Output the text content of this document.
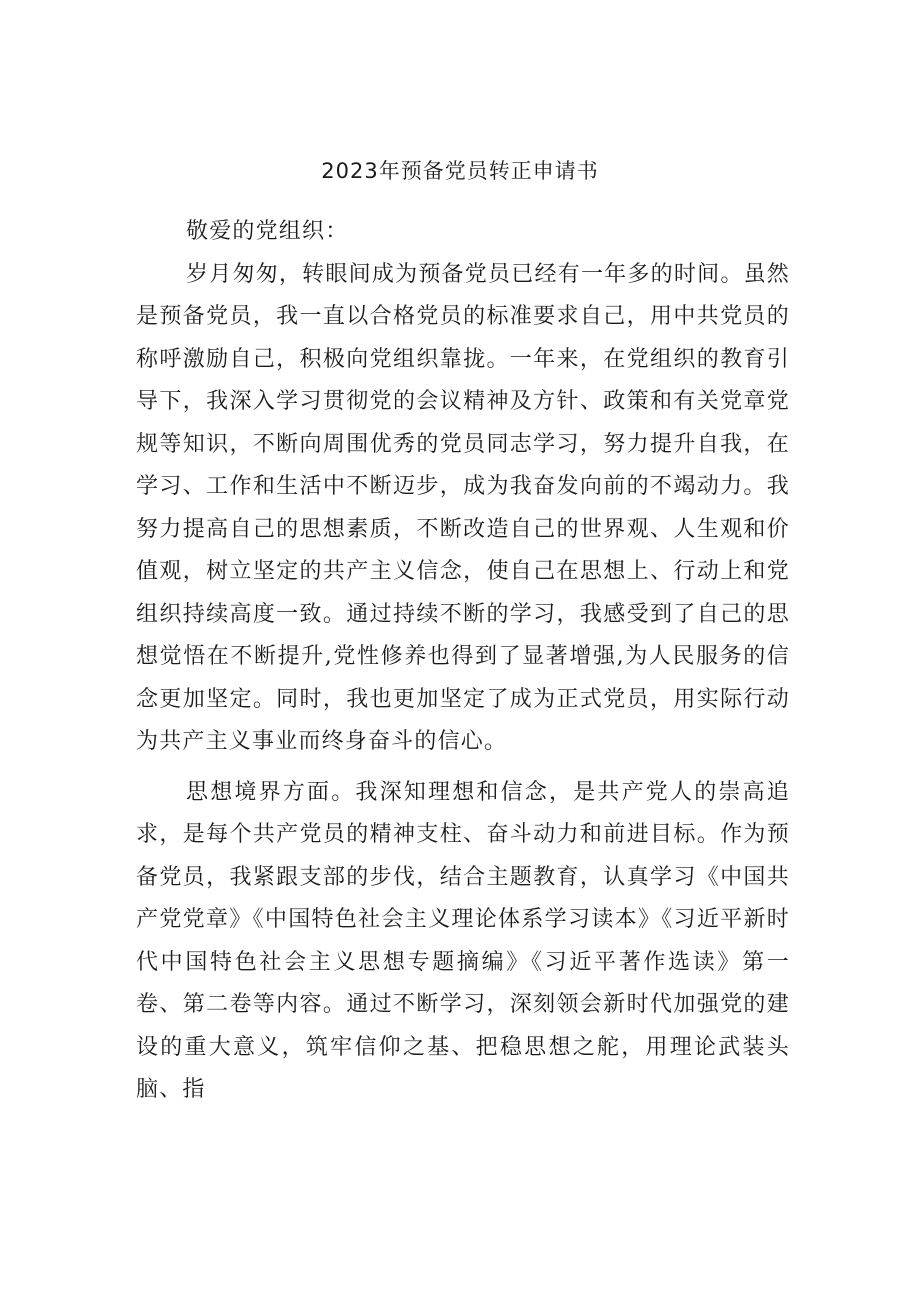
2023年预备党员转正申请书

敬爱的党组织：

岁月匆匆，转眼间成为预备党员已经有一年多的时间。虽然是预备党员，我一直以合格党员的标准要求自己，用中共党员的称呼激励自己，积极向党组织靠拢。一年来，在党组织的教育引导下，我深入学习贯彻党的会议精神及方针、政策和有关党章党规等知识，不断向周围优秀的党员同志学习，努力提升自我，在学习、工作和生活中不断迈步，成为我奋发向前的不竭动力。我努力提高自己的思想素质，不断改造自己的世界观、人生观和价值观，树立坚定的共产主义信念，使自己在思想上、行动上和党组织持续高度一致。通过持续不断的学习，我感受到了自己的思想觉悟在不断提升,党性修养也得到了显著增强,为人民服务的信念更加坚定。同时，我也更加坚定了成为正式党员，用实际行动为共产主义事业而终身奋斗的信心。

思想境界方面。我深知理想和信念，是共产党人的崇高追求，是每个共产党员的精神支柱、奋斗动力和前进目标。作为预备党员，我紧跟支部的步伐，结合主题教育，认真学习《中国共产党党章》《中国特色社会主义理论体系学习读本》《习近平新时代中国特色社会主义思想专题摘编》《习近平著作选读》第一卷、第二卷等内容。通过不断学习，深刻领会新时代加强党的建设的重大意义，筑牢信仰之基、把稳思想之舵，用理论武装头脑、指
